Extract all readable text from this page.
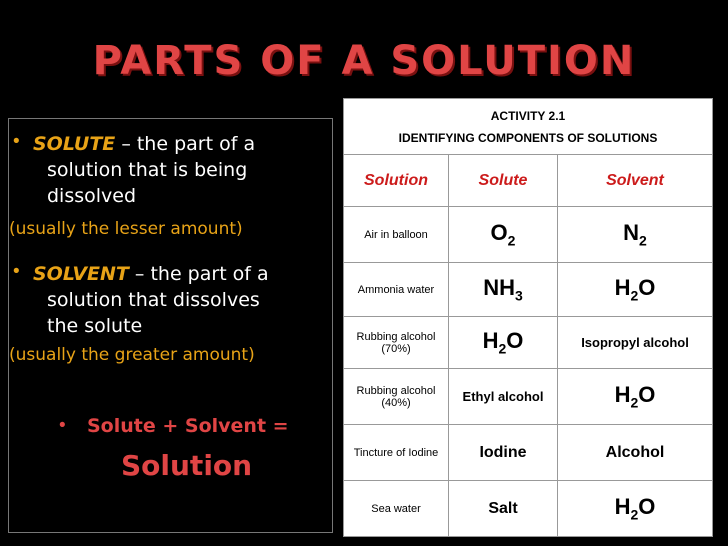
PARTS OF A SOLUTION
• SOLUTE – the part of a
solution that is being
dissolved
(usually the lesser amount)
• SOLVENT – the part of a
solution that dissolves
the solute
(usually the greater amount)
• Solute + Solvent =
Solution
ACTIVITY 2.1
IDENTIFYING COMPONENTS OF SOLUTIONS		

Solution	Solute	Solvent
Air in balloon	$O_2$	$N_2$
Ammonia water	$NH_3$	$H_2O$
Rubbing alcohol (70%)	$H_2O$	Isopropyl alcohol
Rubbing alcohol (40%)	Ethyl alcohol	$H_2O$
Tincture of Iodine	Iodine	Alcohol
Sea water	Salt	$H_2O$
